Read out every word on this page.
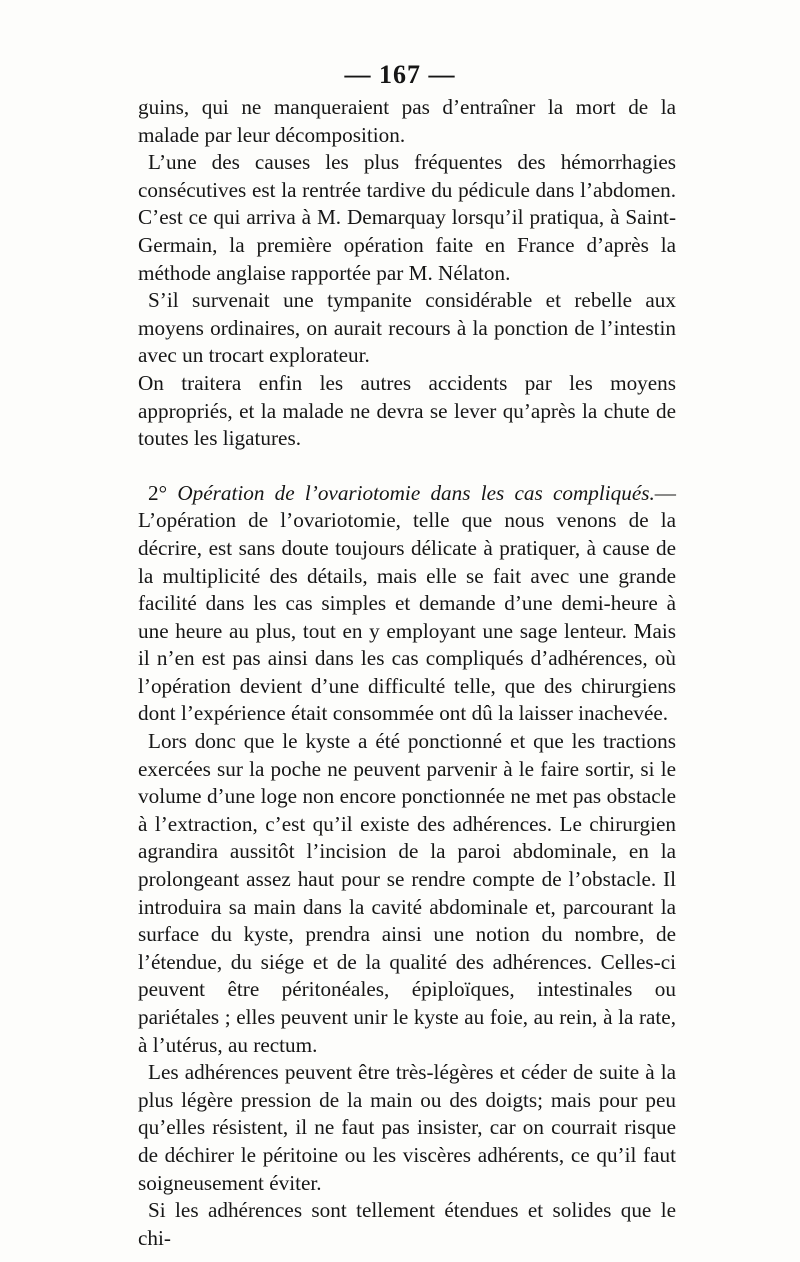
— 167 —

guins, qui ne manqueraient pas d’entraîner la mort de la malade par leur décomposition.

L’une des causes les plus fréquentes des hémorrhagies consécutives est la rentrée tardive du pédicule dans l’abdomen. C’est ce qui arriva à M. Demarquay lorsqu’il pratiqua, à Saint-Germain, la première opération faite en France d’après la méthode anglaise rapportée par M. Nélaton.

S’il survenait une tympanite considérable et rebelle aux moyens ordinaires, on aurait recours à la ponction de l’intestin avec un trocart explorateur.

On traitera enfin les autres accidents par les moyens appropriés, et la malade ne devra se lever qu’après la chute de toutes les ligatures.

2° Opération de l’ovariotomie dans les cas compliqués.— L’opération de l’ovariotomie, telle que nous venons de la décrire, est sans doute toujours délicate à pratiquer, à cause de la multiplicité des détails, mais elle se fait avec une grande facilité dans les cas simples et demande d’une demi-heure à une heure au plus, tout en y employant une sage lenteur. Mais il n’en est pas ainsi dans les cas compliqués d’adhérences, où l’opération devient d’une difficulté telle, que des chirurgiens dont l’expérience était consommée ont dû la laisser inachevée.

Lors donc que le kyste a été ponctionné et que les tractions exercées sur la poche ne peuvent parvenir à le faire sortir, si le volume d’une loge non encore ponctionnée ne met pas obstacle à l’extraction, c’est qu’il existe des adhérences. Le chirurgien agrandira aussitôt l’incision de la paroi abdominale, en la prolongeant assez haut pour se rendre compte de l’obstacle. Il introduira sa main dans la cavité abdominale et, parcourant la surface du kyste, prendra ainsi une notion du nombre, de l’étendue, du siége et de la qualité des adhérences. Celles-ci peuvent être péritonéales, épiploïques, intestinales ou pariétales ; elles peuvent unir le kyste au foie, au rein, à la rate, à l’utérus, au rectum.

Les adhérences peuvent être très-légères et céder de suite à la plus légère pression de la main ou des doigts; mais pour peu qu’elles résistent, il ne faut pas insister, car on courrait risque de déchirer le péritoine ou les viscères adhérents, ce qu’il faut soigneusement éviter.

Si les adhérences sont tellement étendues et solides que le chi-
